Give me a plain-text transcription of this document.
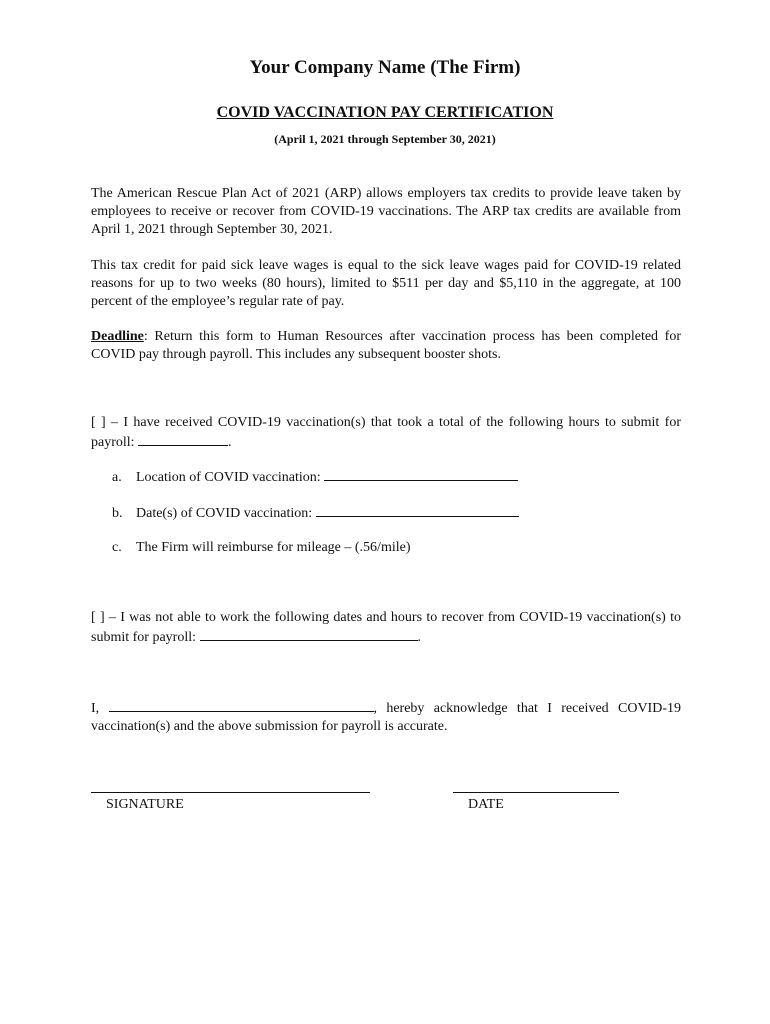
Your Company Name (The Firm)
COVID VACCINATION PAY CERTIFICATION
(April 1, 2021 through September 30, 2021)

The American Rescue Plan Act of 2021 (ARP) allows employers tax credits to provide leave taken by employees to receive or recover from COVID-19 vaccinations. The ARP tax credits are available from April 1, 2021 through September 30, 2021.

This tax credit for paid sick leave wages is equal to the sick leave wages paid for COVID-19 related reasons for up to two weeks (80 hours), limited to $511 per day and $5,110 in the aggregate, at 100 percent of the employee’s regular rate of pay.

Deadline: Return this form to Human Resources after vaccination process has been completed for COVID pay through payroll. This includes any subsequent booster shots.

[ ] – I have received COVID-19 vaccination(s) that took a total of the following hours to submit for payroll:	.

a. Location of COVID vaccination:

b. Date(s) of COVID vaccination:

c. The Firm will reimburse for mileage – (.56/mile)

[ ] – I was not able to work the following dates and hours to recover from COVID-19 vaccination(s) to submit for payroll:	.

I,	, hereby acknowledge that I received COVID-19 vaccination(s) and the above submission for payroll is accurate.

SIGNATURE	DATE
